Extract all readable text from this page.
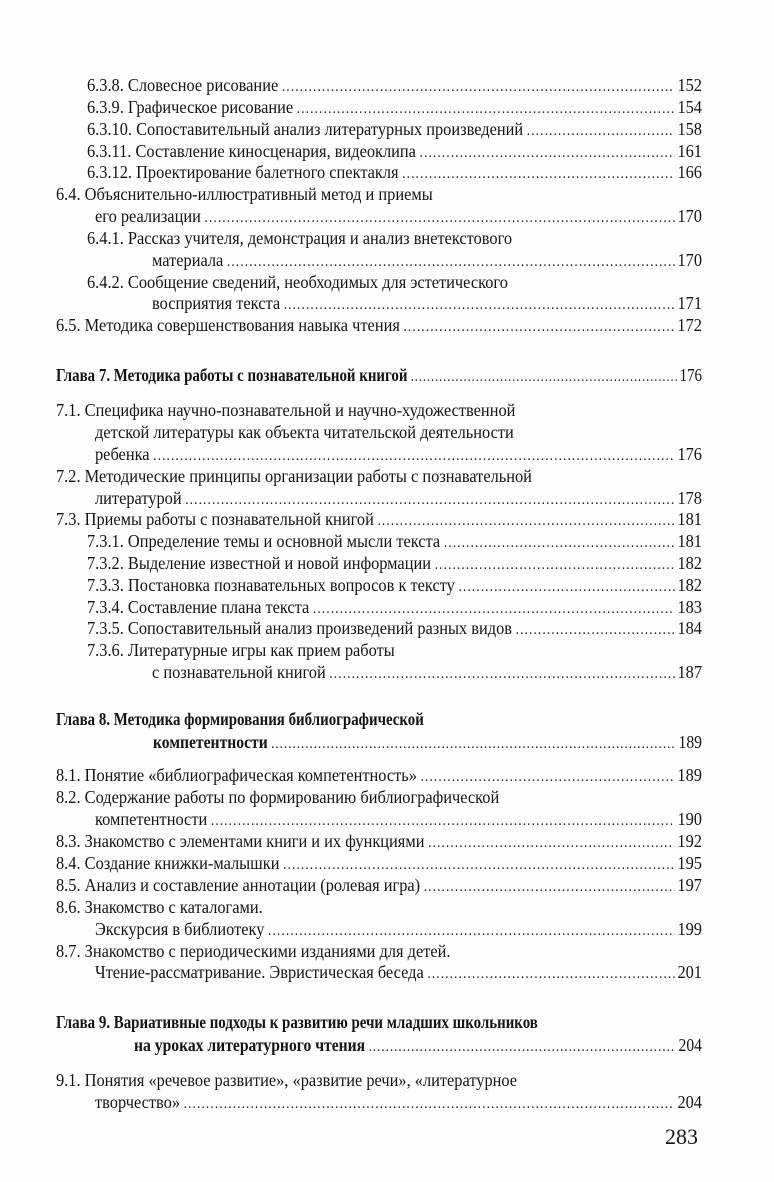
6.3.8. Словесное рисование .....	152
6.3.9. Графическое рисование .....	154
6.3.10. Сопоставительный анализ литературных произведений .....	158
6.3.11. Составление киносценария, видеоклипа .....	161
6.3.12. Проектирование балетного спектакля .....	166
6.4. Объяснительно-иллюстративный метод и приемы
его реализации .....	170
6.4.1. Рассказ учителя, демонстрация и анализ внетекстового
материала .....	170
6.4.2. Сообщение сведений, необходимых для эстетического
восприятия текста .....	171
6.5. Методика совершенствования навыка чтения .....	172
Глава 7. Методика работы с познавательной книгой .....	176
7.1. Специфика научно-познавательной и научно-художественной
детской литературы как объекта читательской деятельности
ребенка .....	176
7.2. Методические принципы организации работы с познавательной
литературой .....	178
7.3. Приемы работы с познавательной книгой .....	181
7.3.1. Определение темы и основной мысли текста .....	181
7.3.2. Выделение известной и новой информации .....	182
7.3.3. Постановка познавательных вопросов к тексту .....	182
7.3.4. Составление плана текста .....	183
7.3.5. Сопоставительный анализ произведений разных видов .....	184
7.3.6. Литературные игры как прием работы
с познавательной книгой .....	187
Глава 8. Методика формирования библиографической
компетентности .....	189
8.1. Понятие «библиографическая компетентность» .....	189
8.2. Содержание работы по формированию библиографической
компетентности .....	190
8.3. Знакомство с элементами книги и их функциями .....	192
8.4. Создание книжки-малышки .....	195
8.5. Анализ и составление аннотации (ролевая игра) .....	197
8.6. Знакомство с каталогами.
Экскурсия в библиотеку .....	199
8.7. Знакомство с периодическими изданиями для детей.
Чтение-рассматривание. Эвристическая беседа .....	201
Глава 9. Вариативные подходы к развитию речи младших школьников
на уроках литературного чтения .....	204
9.1. Понятия «речевое развитие», «развитие речи», «литературное
творчество» .....	204
283
